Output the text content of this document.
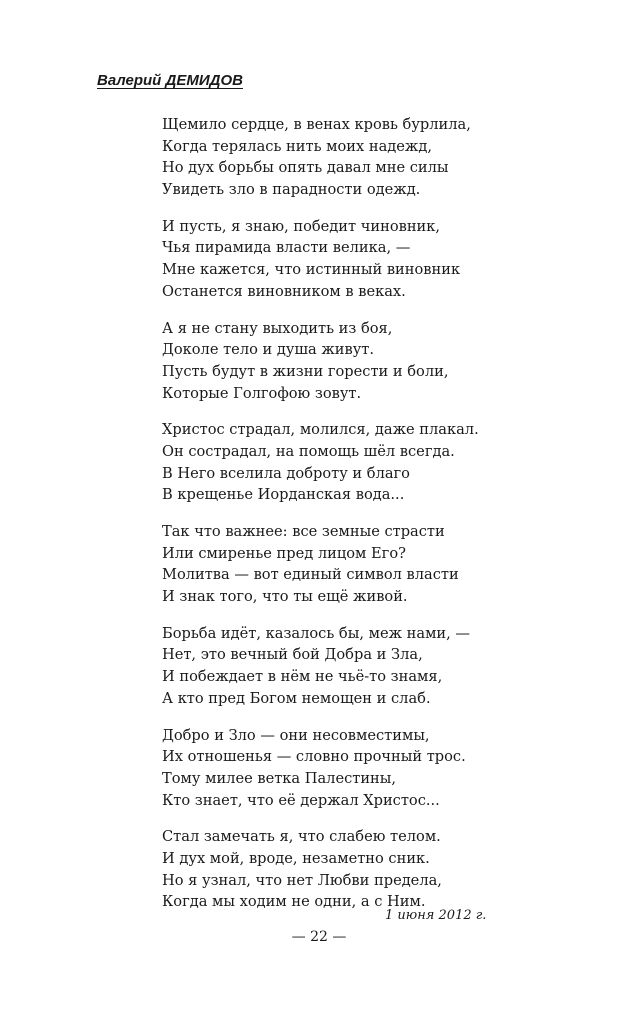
Валерий ДЕМИДОВ

Щемило сердце, в венах кровь бурлила,

Когда терялась нить моих надежд,

Но дух борьбы опять давал мне силы

Увидеть зло в парадности одежд.

И пусть, я знаю, победит чиновник,

Чья пирамида власти велика, —

Мне кажется, что истинный виновник

Останется виновником в веках.

А я не стану выходить из боя,

Доколе тело и душа живут.

Пусть будут в жизни горести и боли,

Которые Голгофою зовут.

Христос страдал, молился, даже плакал.

Он сострадал, на помощь шёл всегда.

В Него вселила доброту и благо

В крещенье Иорданская вода...

Так что важнее: все земные страсти

Или смиренье пред лицом Его?

Молитва — вот единый символ власти

И знак того, что ты ещё живой.

Борьба идёт, казалось бы, меж нами, —

Нет, это вечный бой Добра и Зла,

И побеждает в нём не чьё-то знамя,

А кто пред Богом немощен и слаб.

Добро и Зло — они несовместимы,

Их отношенья — словно прочный трос.

Тому милее ветка Палестины,

Кто знает, что её держал Христос...

Стал замечать я, что слабею телом.

И дух мой, вроде, незаметно сник.

Но я узнал, что нет Любви предела,

Когда мы ходим не одни, а с Ним.

1 июня 2012 г.

— 22 —
